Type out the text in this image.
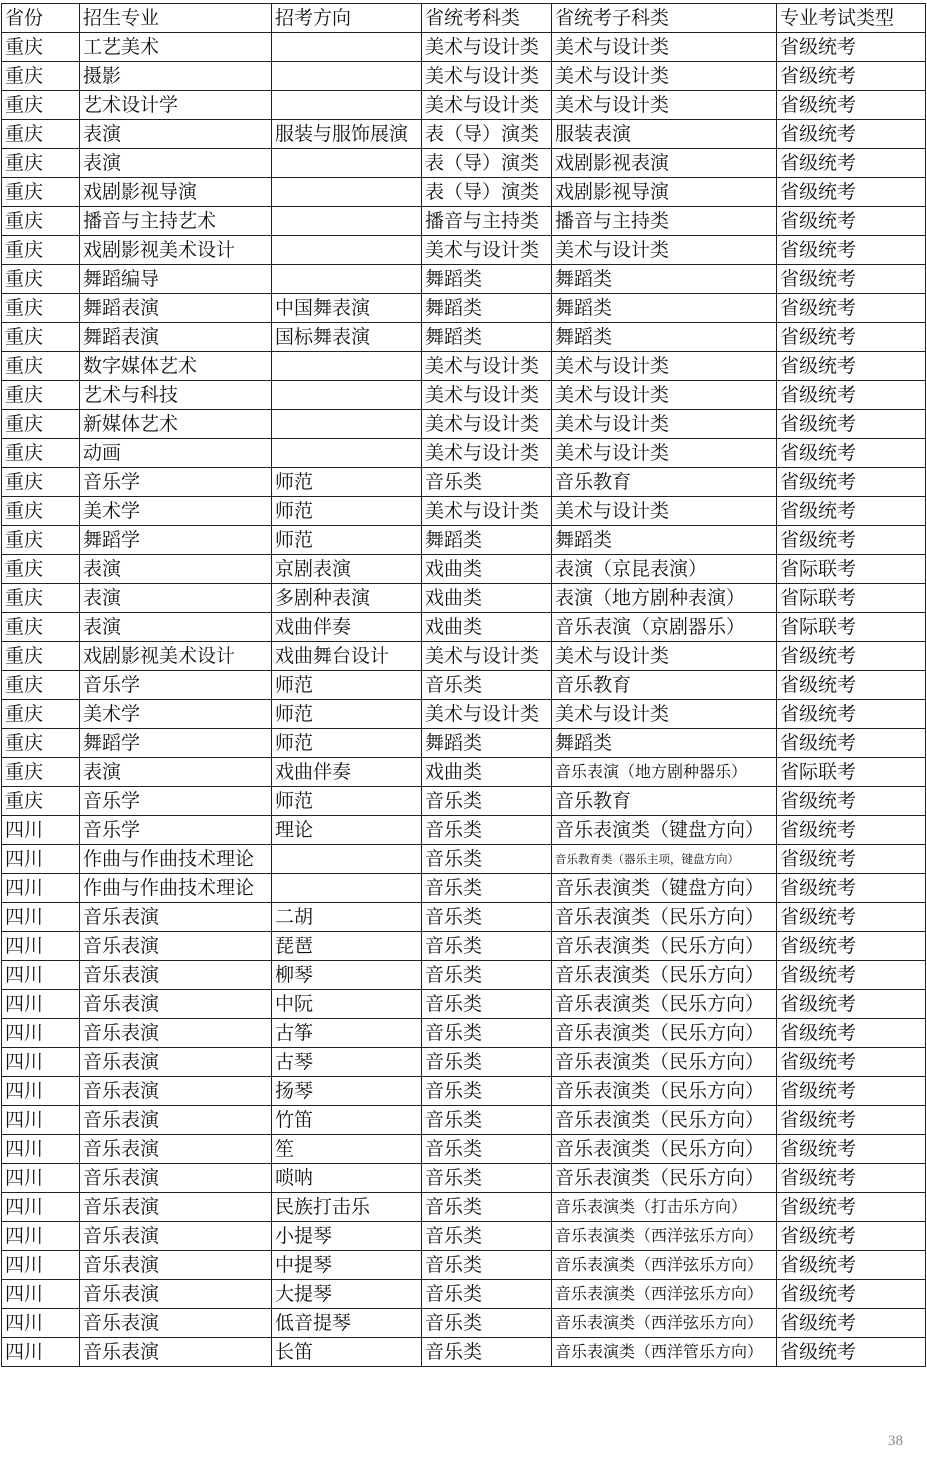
省份	招生专业	招考方向	省统考科类	省统考子科类	专业考试类型
重庆	工艺美术		美术与设计类	美术与设计类	省级统考
重庆	摄影		美术与设计类	美术与设计类	省级统考
重庆	艺术设计学		美术与设计类	美术与设计类	省级统考
重庆	表演	服装与服饰展演	表（导）演类	服装表演	省级统考
重庆	表演		表（导）演类	戏剧影视表演	省级统考
重庆	戏剧影视导演		表（导）演类	戏剧影视导演	省级统考
重庆	播音与主持艺术		播音与主持类	播音与主持类	省级统考
重庆	戏剧影视美术设计		美术与设计类	美术与设计类	省级统考
重庆	舞蹈编导		舞蹈类	舞蹈类	省级统考
重庆	舞蹈表演	中国舞表演	舞蹈类	舞蹈类	省级统考
重庆	舞蹈表演	国标舞表演	舞蹈类	舞蹈类	省级统考
重庆	数字媒体艺术		美术与设计类	美术与设计类	省级统考
重庆	艺术与科技		美术与设计类	美术与设计类	省级统考
重庆	新媒体艺术		美术与设计类	美术与设计类	省级统考
重庆	动画		美术与设计类	美术与设计类	省级统考
重庆	音乐学	师范	音乐类	音乐教育	省级统考
重庆	美术学	师范	美术与设计类	美术与设计类	省级统考
重庆	舞蹈学	师范	舞蹈类	舞蹈类	省级统考
重庆	表演	京剧表演	戏曲类	表演（京昆表演）	省际联考
重庆	表演	多剧种表演	戏曲类	表演（地方剧种表演）	省际联考
重庆	表演	戏曲伴奏	戏曲类	音乐表演（京剧器乐）	省际联考
重庆	戏剧影视美术设计	戏曲舞台设计	美术与设计类	美术与设计类	省级统考
重庆	音乐学	师范	音乐类	音乐教育	省级统考
重庆	美术学	师范	美术与设计类	美术与设计类	省级统考
重庆	舞蹈学	师范	舞蹈类	舞蹈类	省级统考
重庆	表演	戏曲伴奏	戏曲类	音乐表演（地方剧种器乐）	省际联考
重庆	音乐学	师范	音乐类	音乐教育	省级统考
四川	音乐学	理论	音乐类	音乐表演类（键盘方向）	省级统考
四川	作曲与作曲技术理论		音乐类	音乐教育类（器乐主项，键盘方向）	省级统考
四川	作曲与作曲技术理论		音乐类	音乐表演类（键盘方向）	省级统考
四川	音乐表演	二胡	音乐类	音乐表演类（民乐方向）	省级统考
四川	音乐表演	琵琶	音乐类	音乐表演类（民乐方向）	省级统考
四川	音乐表演	柳琴	音乐类	音乐表演类（民乐方向）	省级统考
四川	音乐表演	中阮	音乐类	音乐表演类（民乐方向）	省级统考
四川	音乐表演	古筝	音乐类	音乐表演类（民乐方向）	省级统考
四川	音乐表演	古琴	音乐类	音乐表演类（民乐方向）	省级统考
四川	音乐表演	扬琴	音乐类	音乐表演类（民乐方向）	省级统考
四川	音乐表演	竹笛	音乐类	音乐表演类（民乐方向）	省级统考
四川	音乐表演	笙	音乐类	音乐表演类（民乐方向）	省级统考
四川	音乐表演	唢呐	音乐类	音乐表演类（民乐方向）	省级统考
四川	音乐表演	民族打击乐	音乐类	音乐表演类（打击乐方向）	省级统考
四川	音乐表演	小提琴	音乐类	音乐表演类（西洋弦乐方向）	省级统考
四川	音乐表演	中提琴	音乐类	音乐表演类（西洋弦乐方向）	省级统考
四川	音乐表演	大提琴	音乐类	音乐表演类（西洋弦乐方向）	省级统考
四川	音乐表演	低音提琴	音乐类	音乐表演类（西洋弦乐方向）	省级统考
四川	音乐表演	长笛	音乐类	音乐表演类（西洋管乐方向）	省级统考
38
